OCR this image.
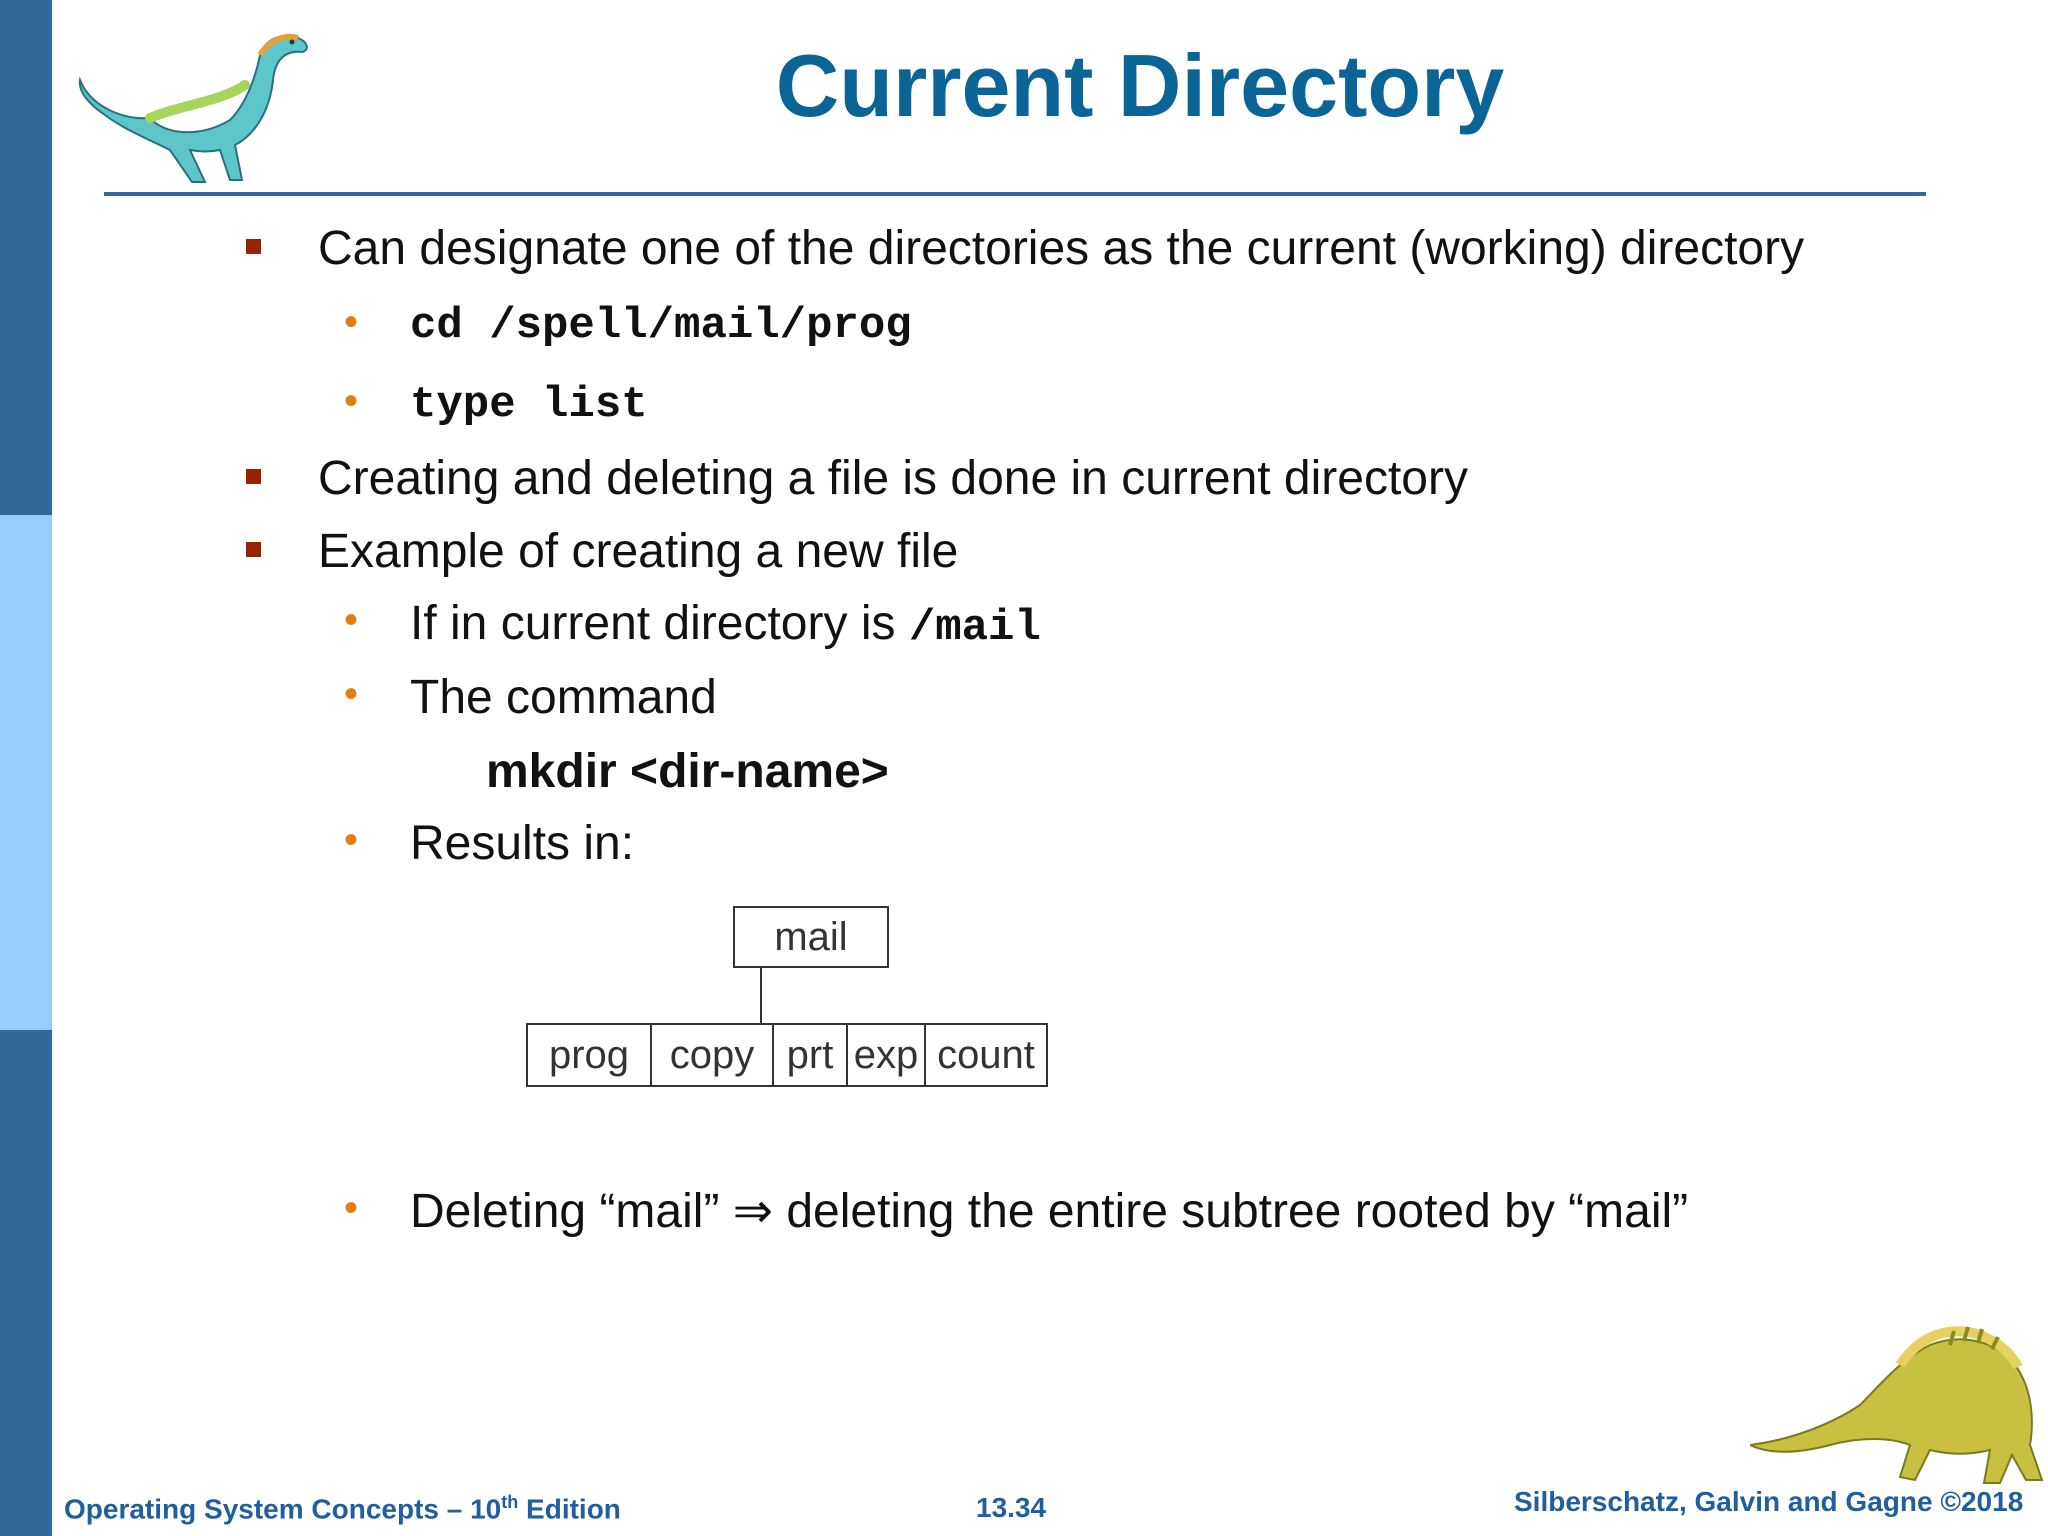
Current Directory
Can designate one of the directories as the current (working) directory
• cd /spell/mail/prog
• type list
Creating and deleting a file is done in current directory
Example of creating a new file
• If in current directory is /mail
• The command
mkdir <dir-name>
• Results in:
mail
prog	copy prt exp count
• Deleting “mail” ⇒ deleting the entire subtree rooted by “mail”
Operating System Concepts – 10th Edition	13.34	Silberschatz, Galvin and Gagne ©2018
